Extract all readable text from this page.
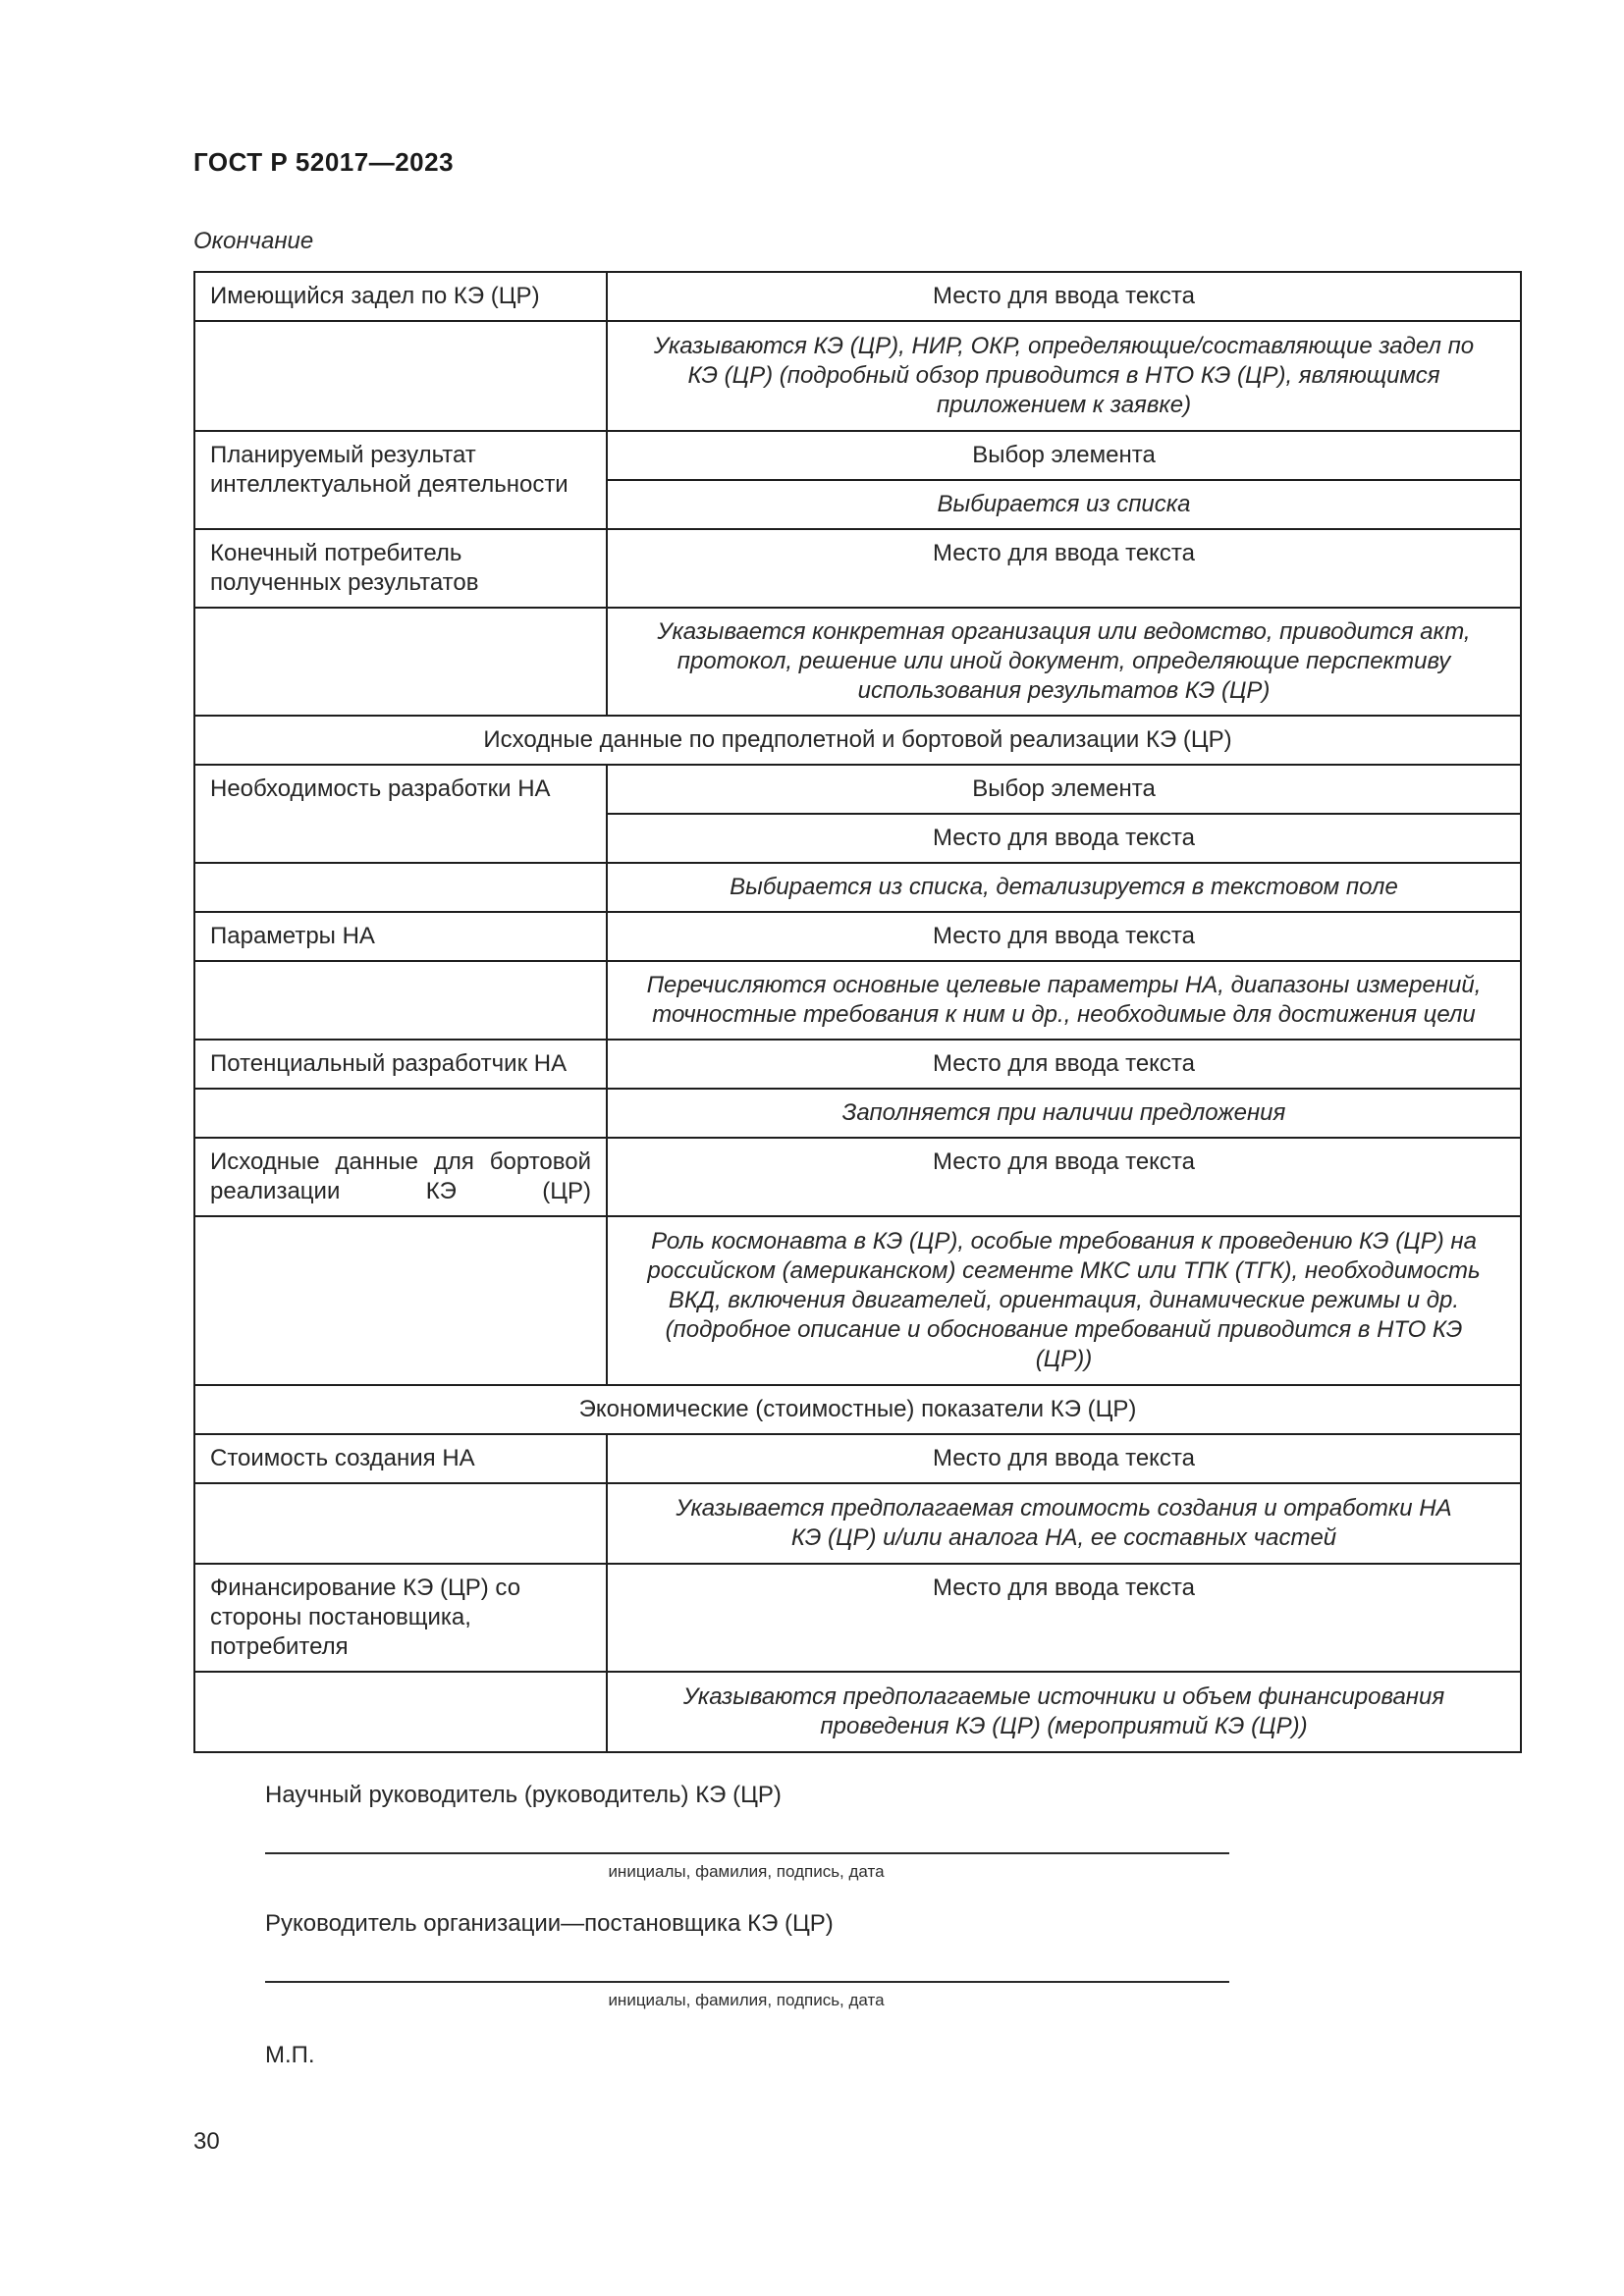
ГОСТ Р 52017—2023
Окончание
Имеющийся задел по КЭ (ЦР)	Место для ввода текста
	Указываются КЭ (ЦР), НИР, ОКР, определяющие/составляющие задел по КЭ (ЦР) (подробный обзор приводится в НТО КЭ (ЦР), являющимся приложением к заявке)
Планируемый результат интеллектуальной деятельности	Выбор элемента
	Выбирается из списка
Конечный потребитель полученных результатов	Место для ввода текста
	Указывается конкретная организация или ведомство, приводится акт, протокол, решение или иной документ, определяющие перспективу использования результатов КЭ (ЦР)
Исходные данные по предполетной и бортовой реализации КЭ (ЦР)	
Необходимость разработки НА	Выбор элемента
	Место для ввода текста
	Выбирается из списка, детализируется в текстовом поле
Параметры НА	Место для ввода текста
	Перечисляются основные целевые параметры НА, диапазоны измерений, точностные требования к ним и др., необходимые для достижения цели
Потенциальный разработчик НА	Место для ввода текста
	Заполняется при наличии предложения
Исходные данные для бортовой реализации КЭ (ЦР)	Место для ввода текста
	Роль космонавта в КЭ (ЦР), особые требования к проведению КЭ (ЦР) на российском (американском) сегменте МКС или ТПК (ТГК), необходимость ВКД, включения двигателей, ориентация, динамические режимы и др. (подробное описание и обоснование требований приводится в НТО КЭ (ЦР))
Экономические (стоимостные) показатели КЭ (ЦР)	
Стоимость создания НА	Место для ввода текста
	Указывается предполагаемая стоимость создания и отработки НА КЭ (ЦР) и/или аналога НА, ее составных частей
Финансирование КЭ (ЦР) со стороны постановщика, потребителя	Место для ввода текста
	Указываются предполагаемые источники и объем финансирования проведения КЭ (ЦР) (мероприятий КЭ (ЦР))
Научный руководитель (руководитель) КЭ (ЦР)
инициалы, фамилия, подпись, дата
Руководитель организации—постановщика КЭ (ЦР)
инициалы, фамилия, подпись, дата
М.П.
30
